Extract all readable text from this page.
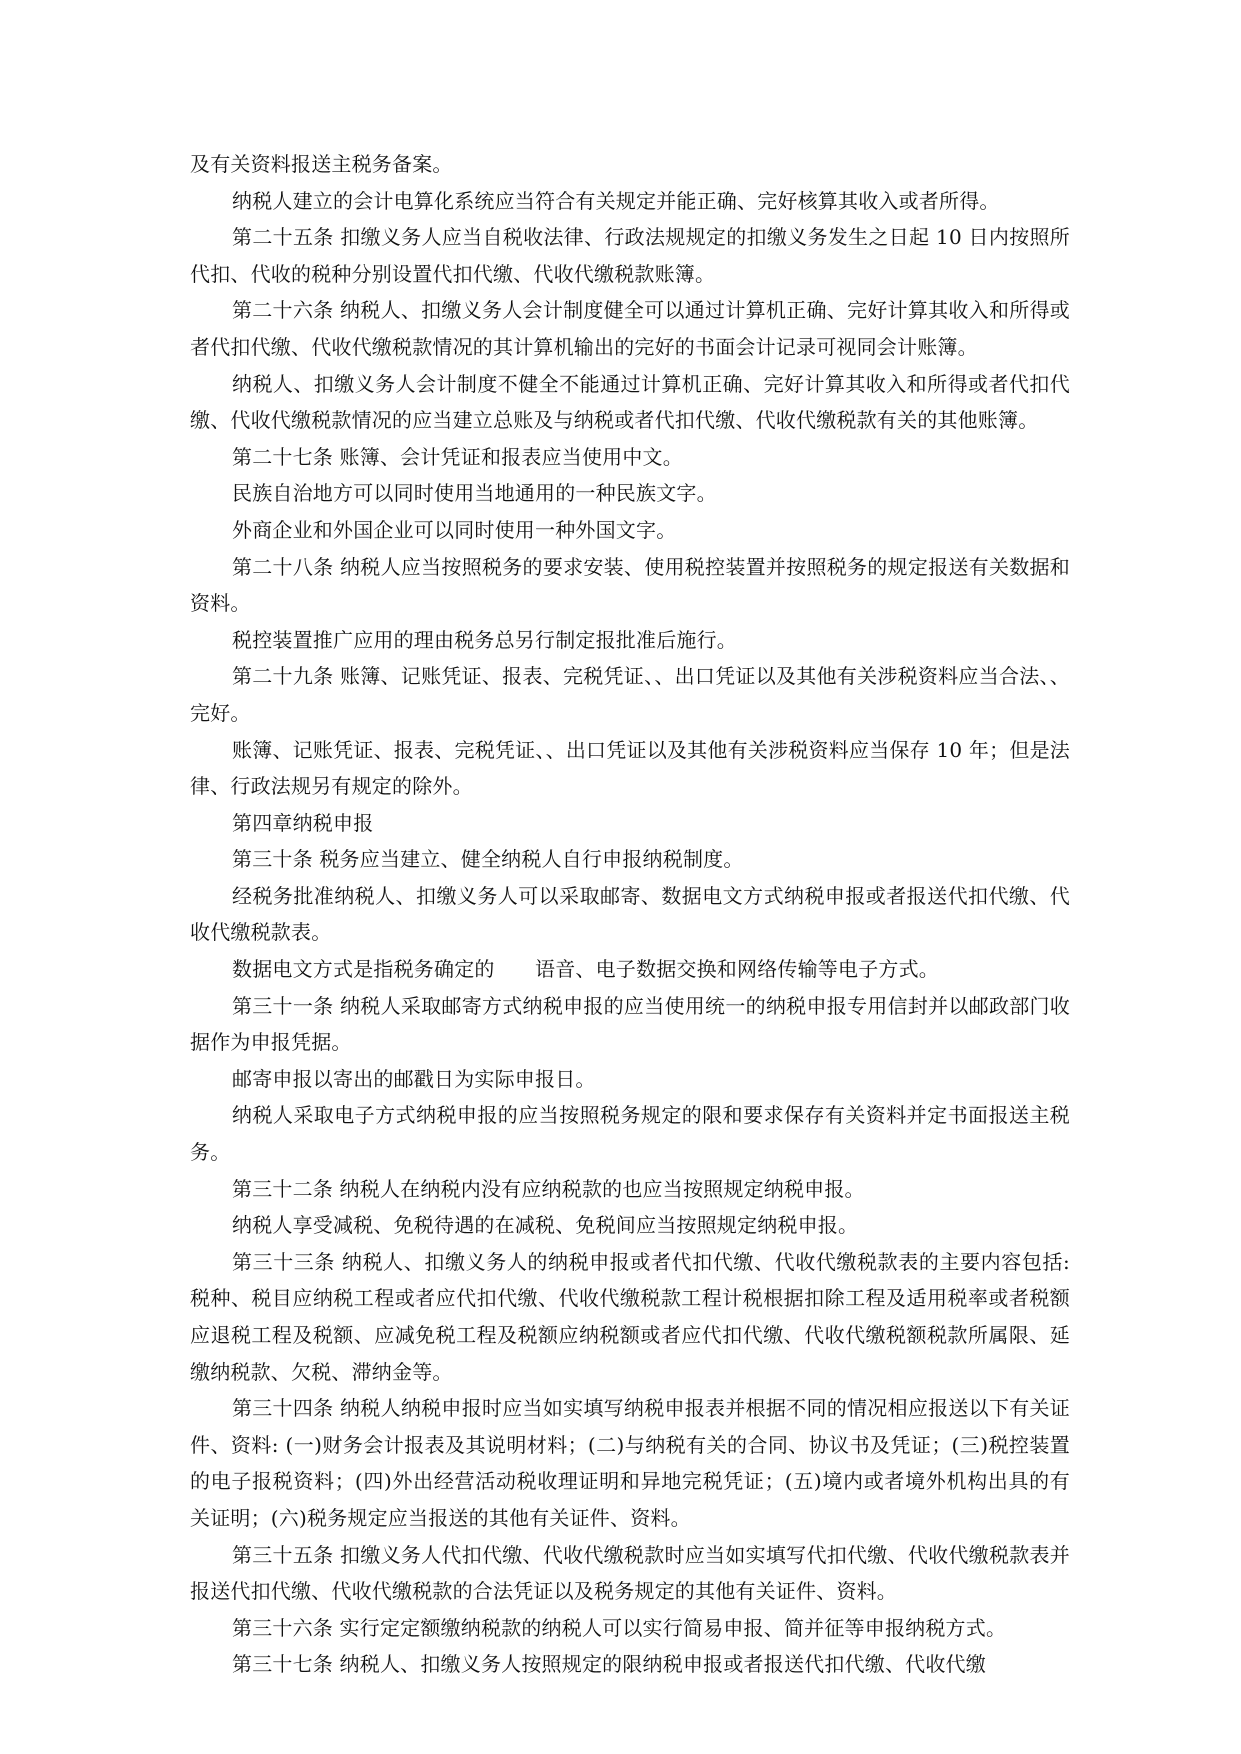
及有关资料报送主税务备案。

纳税人建立的会计电算化系统应当符合有关规定并能正确、完好核算其收入或者所得。

第二十五条 扣缴义务人应当自税收法律、行政法规规定的扣缴义务发生之日起 10 日内按照所代扣、代收的税种分别设置代扣代缴、代收代缴税款账簿。

第二十六条 纳税人、扣缴义务人会计制度健全可以通过计算机正确、完好计算其收入和所得或者代扣代缴、代收代缴税款情况的其计算机输出的完好的书面会计记录可视同会计账簿。

纳税人、扣缴义务人会计制度不健全不能通过计算机正确、完好计算其收入和所得或者代扣代缴、代收代缴税款情况的应当建立总账及与纳税或者代扣代缴、代收代缴税款有关的其他账簿。

第二十七条 账簿、会计凭证和报表应当使用中文。

民族自治地方可以同时使用当地通用的一种民族文字。

外商企业和外国企业可以同时使用一种外国文字。

第二十八条 纳税人应当按照税务的要求安装、使用税控装置并按照税务的规定报送有关数据和资料。

税控装置推广应用的理由税务总另行制定报批准后施行。

第二十九条 账簿、记账凭证、报表、完税凭证、、出口凭证以及其他有关涉税资料应当合法、、完好。

账簿、记账凭证、报表、完税凭证、、出口凭证以及其他有关涉税资料应当保存 10 年；但是法律、行政法规另有规定的除外。

第四章纳税申报

第三十条 税务应当建立、健全纳税人自行申报纳税制度。

经税务批准纳税人、扣缴义务人可以采取邮寄、数据电文方式纳税申报或者报送代扣代缴、代收代缴税款表。

数据电文方式是指税务确定的　　语音、电子数据交换和网络传输等电子方式。

第三十一条 纳税人采取邮寄方式纳税申报的应当使用统一的纳税申报专用信封并以邮政部门收据作为申报凭据。

邮寄申报以寄出的邮戳日为实际申报日。

纳税人采取电子方式纳税申报的应当按照税务规定的限和要求保存有关资料并定书面报送主税务。

第三十二条 纳税人在纳税内没有应纳税款的也应当按照规定纳税申报。

纳税人享受减税、免税待遇的在减税、免税间应当按照规定纳税申报。

第三十三条 纳税人、扣缴义务人的纳税申报或者代扣代缴、代收代缴税款表的主要内容包括: 税种、税目应纳税工程或者应代扣代缴、代收代缴税款工程计税根据扣除工程及适用税率或者税额应退税工程及税额、应减免税工程及税额应纳税额或者应代扣代缴、代收代缴税额税款所属限、延缴纳税款、欠税、滞纳金等。

第三十四条 纳税人纳税申报时应当如实填写纳税申报表并根据不同的情况相应报送以下有关证件、资料: (一)财务会计报表及其说明材料；(二)与纳税有关的合同、协议书及凭证；(三)税控装置的电子报税资料；(四)外出经营活动税收理证明和异地完税凭证；(五)境内或者境外机构出具的有关证明；(六)税务规定应当报送的其他有关证件、资料。

第三十五条 扣缴义务人代扣代缴、代收代缴税款时应当如实填写代扣代缴、代收代缴税款表并报送代扣代缴、代收代缴税款的合法凭证以及税务规定的其他有关证件、资料。

第三十六条 实行定定额缴纳税款的纳税人可以实行简易申报、简并征等申报纳税方式。

第三十七条 纳税人、扣缴义务人按照规定的限纳税申报或者报送代扣代缴、代收代缴
